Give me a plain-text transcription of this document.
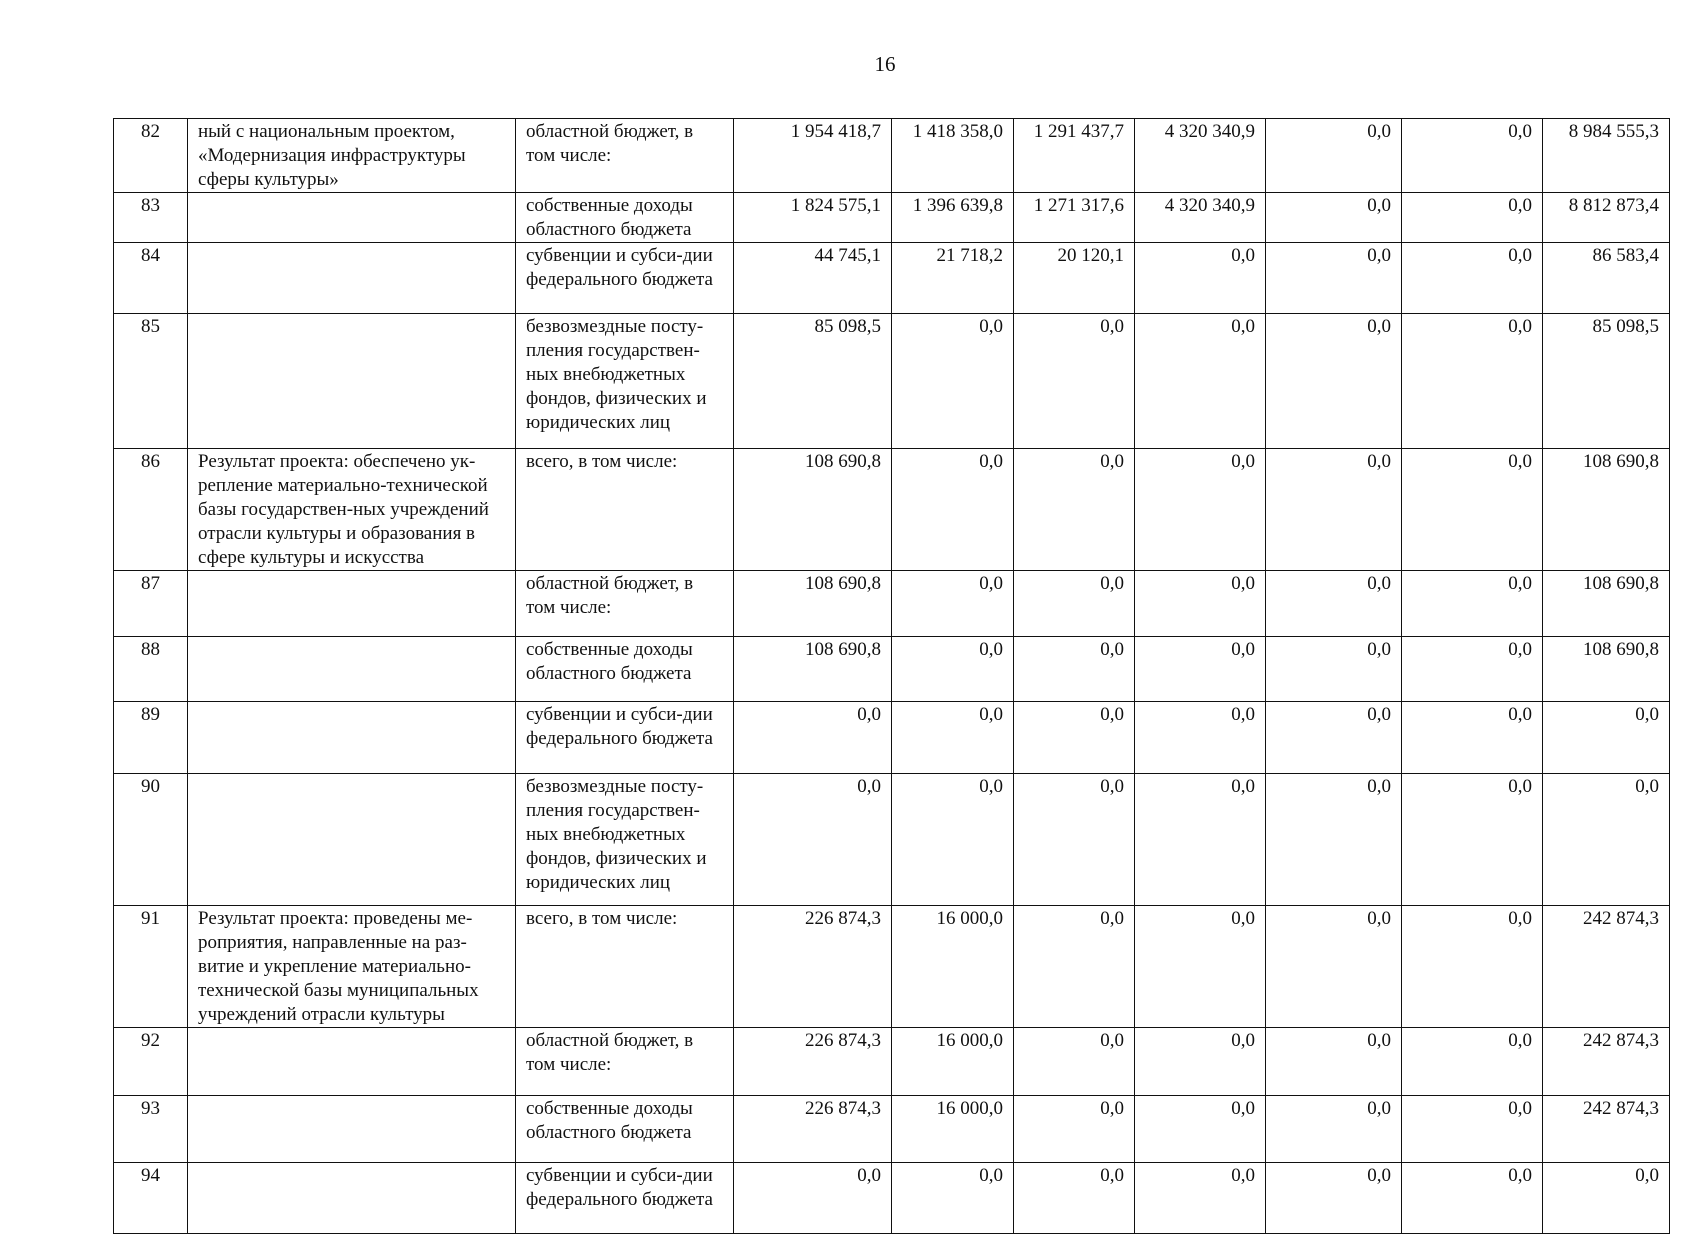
16
82	ный с национальным проектом, «Модернизация инфраструктуры сферы культуры»	областной бюджет, в том числе:	1 954 418,7	1 418 358,0	1 291 437,7	4 320 340,9	0,0	0,0	8 984 555,3
83		собственные доходы областного бюджета	1 824 575,1	1 396 639,8	1 271 317,6	4 320 340,9	0,0	0,0	8 812 873,4
84		субвенции и субси-дии федерального бюджета	44 745,1	21 718,2	20 120,1	0,0	0,0	0,0	86 583,4
85		безвозмездные посту-пления государствен-ных внебюджетных фондов, физических и юридических лиц	85 098,5	0,0	0,0	0,0	0,0	0,0	85 098,5
86	Результат проекта: обеспечено ук-репление материально-технической базы государствен-ных учреждений отрасли культуры и образования в сфере культуры и искусства	всего, в том числе:	108 690,8	0,0	0,0	0,0	0,0	0,0	108 690,8
87		областной бюджет, в том числе:	108 690,8	0,0	0,0	0,0	0,0	0,0	108 690,8
88		собственные доходы областного бюджета	108 690,8	0,0	0,0	0,0	0,0	0,0	108 690,8
89		субвенции и субси-дии федерального бюджета	0,0	0,0	0,0	0,0	0,0	0,0	0,0
90		безвозмездные посту-пления государствен-ных внебюджетных фондов, физических и юридических лиц	0,0	0,0	0,0	0,0	0,0	0,0	0,0
91	Результат проекта: проведены ме-роприятия, направленные на раз-витие и укрепление материально-технической базы муниципальных учреждений отрасли культуры	всего, в том числе:	226 874,3	16 000,0	0,0	0,0	0,0	0,0	242 874,3
92		областной бюджет, в том числе:	226 874,3	16 000,0	0,0	0,0	0,0	0,0	242 874,3
93		собственные доходы областного бюджета	226 874,3	16 000,0	0,0	0,0	0,0	0,0	242 874,3
94		субвенции и субси-дии федерального бюджета	0,0	0,0	0,0	0,0	0,0	0,0	0,0
